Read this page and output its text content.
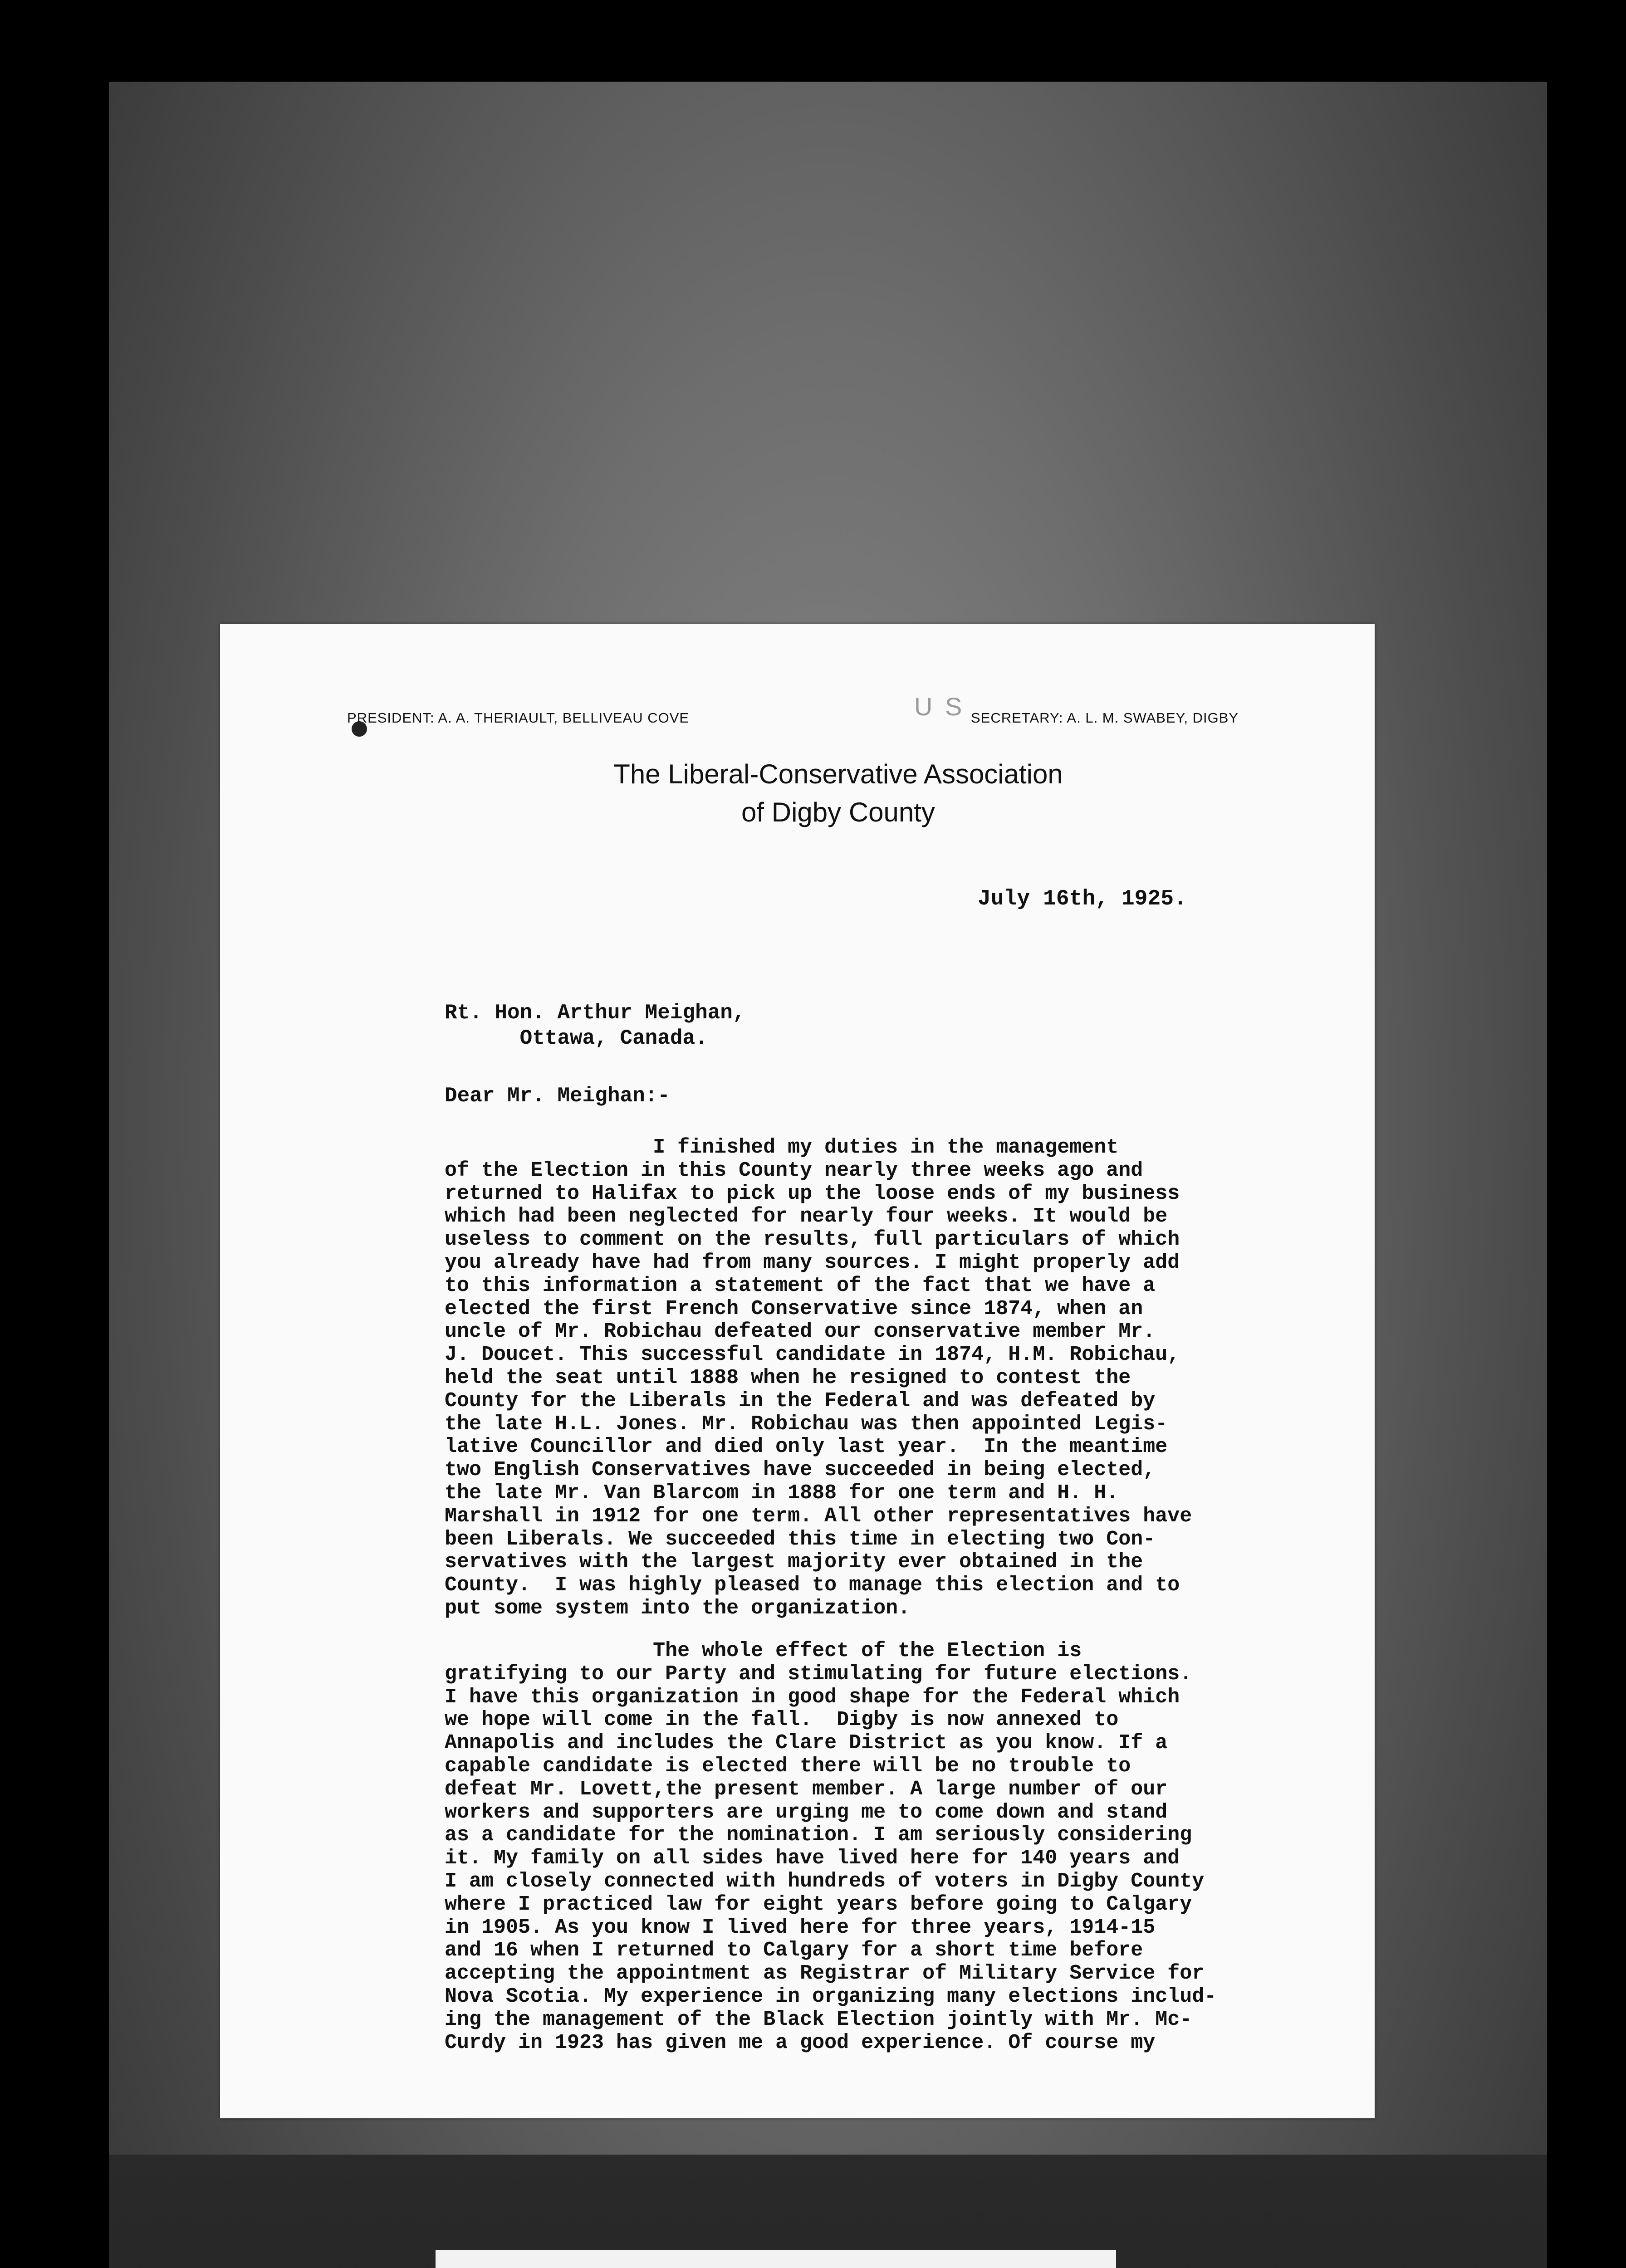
U S
PRESIDENT: A. A. THERIAULT, BELLIVEAU COVE	SECRETARY: A. L. M. SWABEY, DIGBY
The Liberal-Conservative Association
of Digby County
July 16th, 1925.
Rt. Hon. Arthur Meighan,
Ottawa, Canada.
Dear Mr. Meighan:-
I finished my duties in the management
of the Election in this County nearly three weeks ago and
returned to Halifax to pick up the loose ends of my business
which had been neglected for nearly four weeks. It would be
useless to comment on the results, full particulars of which
you already have had from many sources. I might properly add
to this information a statement of the fact that we have a
elected the first French Conservative since 1874, when an
uncle of Mr. Robichau defeated our conservative member Mr.
J. Doucet. This successful candidate in 1874, H.M. Robichau,
held the seat until 1888 when he resigned to contest the
County for the Liberals in the Federal and was defeated by
the late H.L. Jones. Mr. Robichau was then appointed Legis-
lative Councillor and died only last year.  In the meantime
two English Conservatives have succeeded in being elected,
the late Mr. Van Blarcom in 1888 for one term and H. H.
Marshall in 1912 for one term. All other representatives have
been Liberals. We succeeded this time in electing two Con-
servatives with the largest majority ever obtained in the
County.  I was highly pleased to manage this election and to
put some system into the organization.
The whole effect of the Election is
gratifying to our Party and stimulating for future elections.
I have this organization in good shape for the Federal which
we hope will come in the fall.  Digby is now annexed to
Annapolis and includes the Clare District as you know. If a
capable candidate is elected there will be no trouble to
defeat Mr. Lovett,the present member. A large number of our
workers and supporters are urging me to come down and stand
as a candidate for the nomination. I am seriously considering
it. My family on all sides have lived here for 140 years and
I am closely connected with hundreds of voters in Digby County
where I practiced law for eight years before going to Calgary
in 1905. As you know I lived here for three years, 1914-15
and 16 when I returned to Calgary for a short time before
accepting the appointment as Registrar of Military Service for
Nova Scotia. My experience in organizing many elections includ-
ing the management of the Black Election jointly with Mr. Mc-
Curdy in 1923 has given me a good experience. Of course my
